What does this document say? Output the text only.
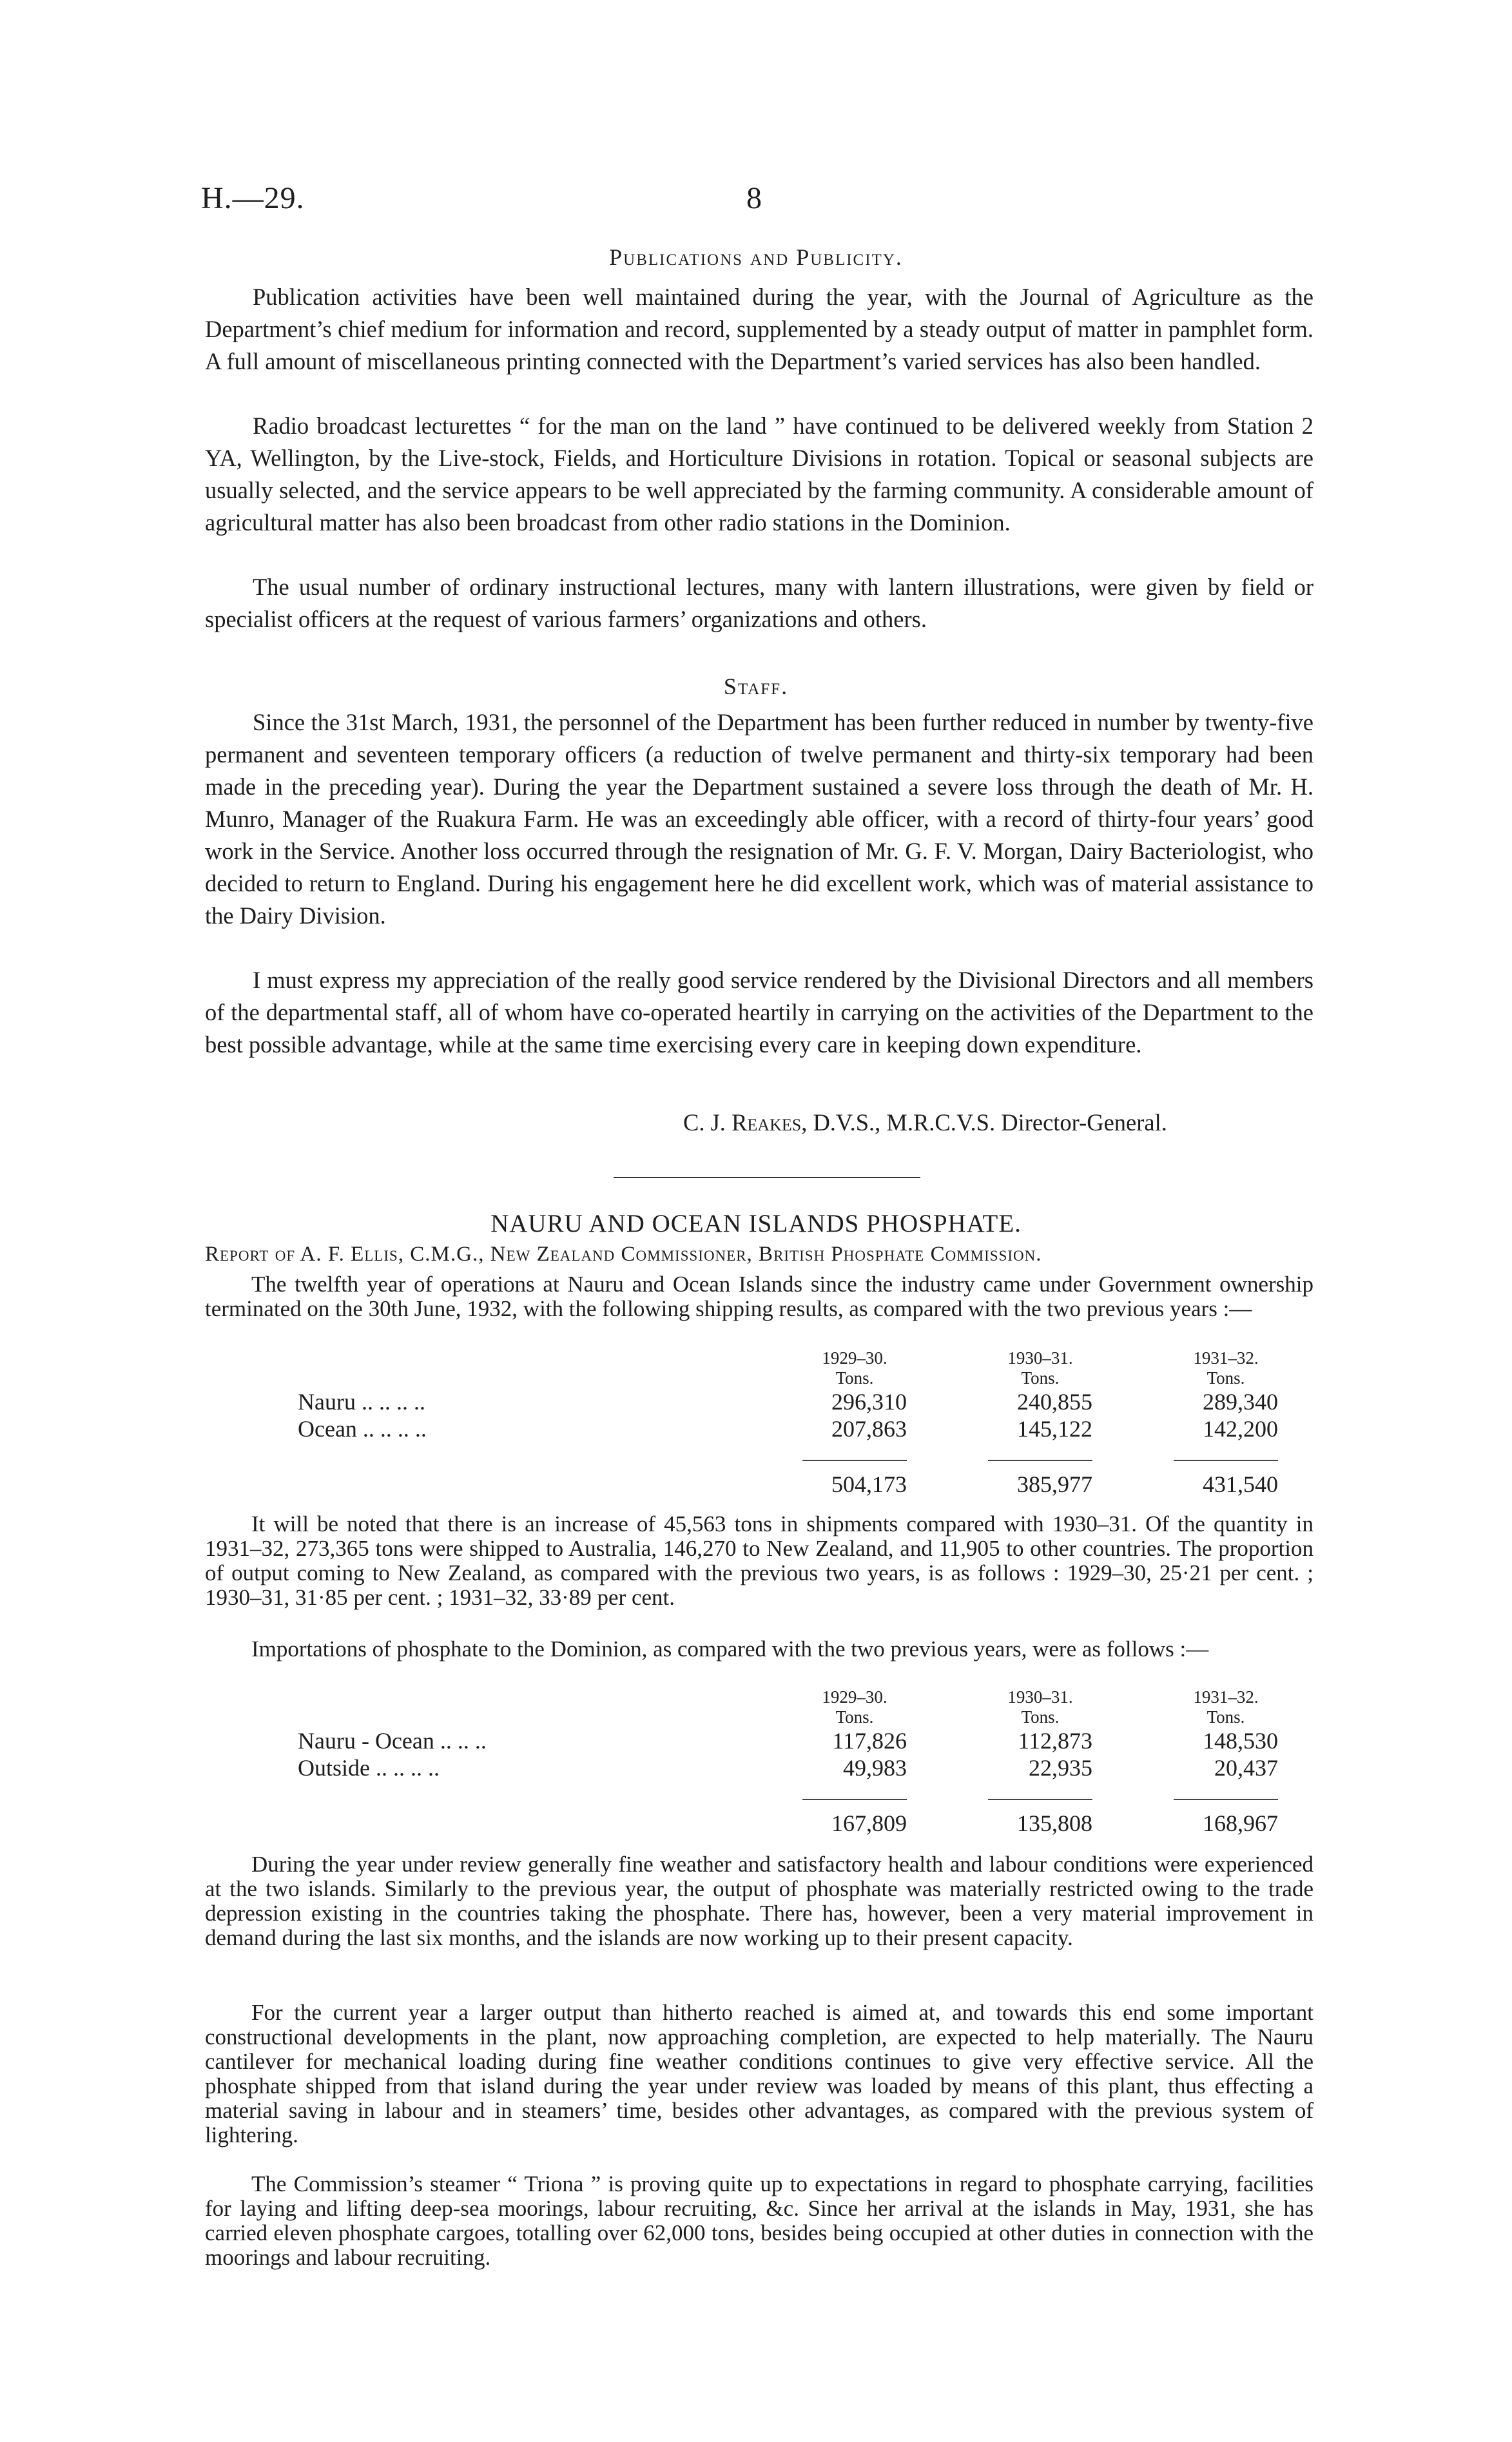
H.—29.	8
Publications and Publicity.

Publication activities have been well maintained during the year, with the Journal of Agriculture as the Department’s chief medium for information and record, supplemented by a steady output of matter in pamphlet form. A full amount of miscellaneous printing connected with the Department’s varied services has also been handled.

Radio broadcast lecturettes “ for the man on the land ” have continued to be delivered weekly from Station 2 YA, Wellington, by the Live-stock, Fields, and Horticulture Divisions in rotation. Topical or seasonal subjects are usually selected, and the service appears to be well appreciated by the farming community. A considerable amount of agricultural matter has also been broadcast from other radio stations in the Dominion.

The usual number of ordinary instructional lectures, many with lantern illustrations, were given by field or specialist officers at the request of various farmers’ organizations and others.

Staff.

Since the 31st March, 1931, the personnel of the Department has been further reduced in number by twenty-five permanent and seventeen temporary officers (a reduction of twelve permanent and thirty-six temporary had been made in the preceding year). During the year the Department sustained a severe loss through the death of Mr. H. Munro, Manager of the Ruakura Farm. He was an exceedingly able officer, with a record of thirty-four years’ good work in the Service. Another loss occurred through the resignation of Mr. G. F. V. Morgan, Dairy Bacteriologist, who decided to return to England. During his engagement here he did excellent work, which was of material assistance to the Dairy Division.

I must express my appreciation of the really good service rendered by the Divisional Directors and all members of the departmental staff, all of whom have co-operated heartily in carrying on the activities of the Department to the best possible advantage, while at the same time exercising every care in keeping down expenditure.

C. J. Reakes, D.V.S., M.R.C.V.S. Director-General.
NAURU AND OCEAN ISLANDS PHOSPHATE.
Report of A. F. Ellis, C.M.G., New Zealand Commissioner, British Phosphate Commission.

The twelfth year of operations at Nauru and Ocean Islands since the industry came under Government ownership terminated on the 30th June, 1932, with the following shipping results, as compared with the two previous years :—

	1929–30.	1930–31.	1931–32.
	Tons.	Tons.	Tons.
Nauru .. .. .. ..	296,310	240,855	289,340
Ocean .. .. .. ..	207,863	145,122	142,200

	504,173	385,977	431,540

It will be noted that there is an increase of 45,563 tons in shipments compared with 1930–31. Of the quantity in 1931–32, 273,365 tons were shipped to Australia, 146,270 to New Zealand, and 11,905 to other countries. The proportion of output coming to New Zealand, as compared with the previous two years, is as follows : 1929–30, 25·21 per cent. ; 1930–31, 31·85 per cent. ; 1931–32, 33·89 per cent.

Importations of phosphate to the Dominion, as compared with the two previous years, were as follows :—

	1929–30.	1930–31.	1931–32.
	Tons.	Tons.	Tons.
Nauru - Ocean .. .. ..	117,826	112,873	148,530
Outside .. .. .. ..	49,983	22,935	20,437

	167,809	135,808	168,967

During the year under review generally fine weather and satisfactory health and labour conditions were experienced at the two islands. Similarly to the previous year, the output of phosphate was materially restricted owing to the trade depression existing in the countries taking the phosphate. There has, however, been a very material improvement in demand during the last six months, and the islands are now working up to their present capacity.

For the current year a larger output than hitherto reached is aimed at, and towards this end some important constructional developments in the plant, now approaching completion, are expected to help materially. The Nauru cantilever for mechanical loading during fine weather conditions continues to give very effective service. All the phosphate shipped from that island during the year under review was loaded by means of this plant, thus effecting a material saving in labour and in steamers’ time, besides other advantages, as compared with the previous system of lightering.

The Commission’s steamer “ Triona ” is proving quite up to expectations in regard to phosphate carrying, facilities for laying and lifting deep-sea moorings, labour recruiting, &c. Since her arrival at the islands in May, 1931, she has carried eleven phosphate cargoes, totalling over 62,000 tons, besides being occupied at other duties in connection with the moorings and labour recruiting.
